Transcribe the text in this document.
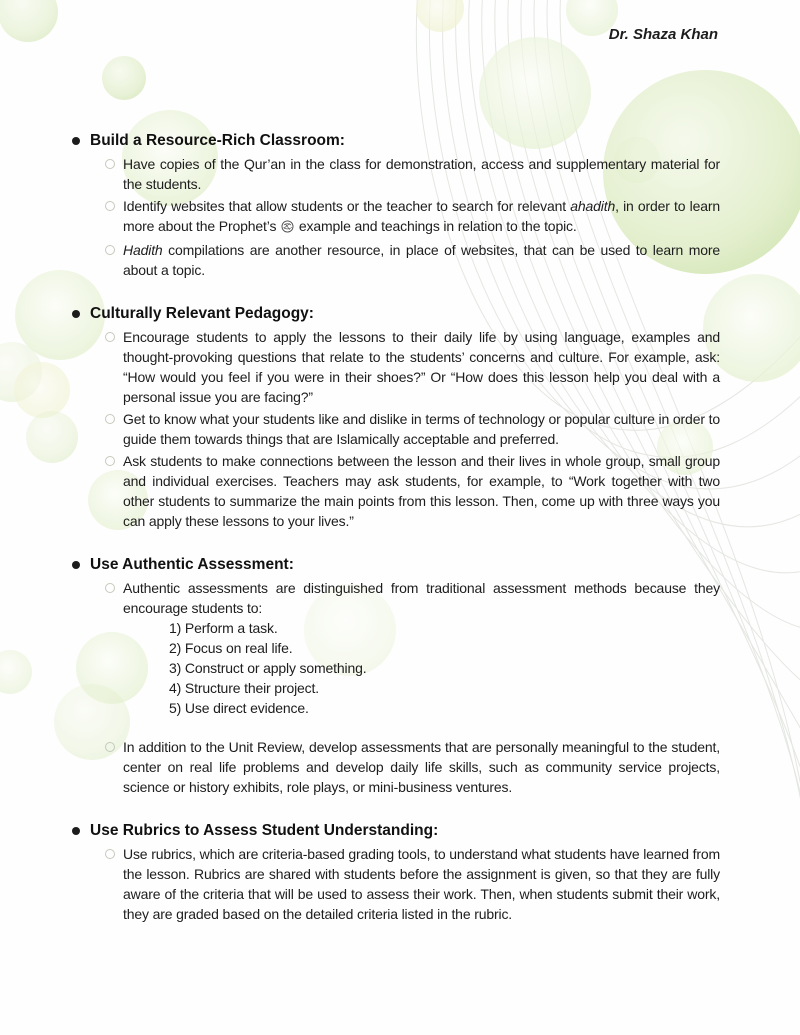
Build a Resource-Rich Classroom:
Have copies of the Qur’an in the class for demonstration, access and supplementary material for the students.
Identify websites that allow students or the teacher to search for relevant ahadith, in order to learn more about the Prophet’s  example and teachings in relation to the topic.
Hadith compilations are another resource, in place of websites, that can be used to learn more about a topic.
Culturally Relevant Pedagogy:
Encourage students to apply the lessons to their daily life by using language, examples and thought-provoking questions that relate to the students’ concerns and culture. For example, ask: “How would you feel if you were in their shoes?” Or “How does this lesson help you deal with a personal issue you are facing?”
Get to know what your students like and dislike in terms of technology or popular culture in order to guide them towards things that are Islamically acceptable and preferred.
Ask students to make connections between the lesson and their lives in whole group, small group and individual exercises. Teachers may ask students, for example, to “Work together with two other students to summarize the main points from this lesson. Then, come up with three ways you can apply these lessons to your lives.”
Use Authentic Assessment:
Authentic assessments are distinguished from traditional assessment methods because they encourage students to:
1) Perform a task.
2) Focus on real life.
3) Construct or apply something.
4) Structure their project.
5) Use direct evidence.
In addition to the Unit Review, develop assessments that are personally meaningful to the student, center on real life problems and develop daily life skills, such as community service projects, science or history exhibits, role plays, or mini-business ventures.
Use Rubrics to Assess Student Understanding:
Use rubrics, which are criteria-based grading tools, to understand what students have learned from the lesson. Rubrics are shared with students before the assignment is given, so that they are fully aware of the criteria that will be used to assess their work. Then, when students submit their work, they are graded based on the detailed criteria listed in the rubric.
Dr. Shaza Khan
